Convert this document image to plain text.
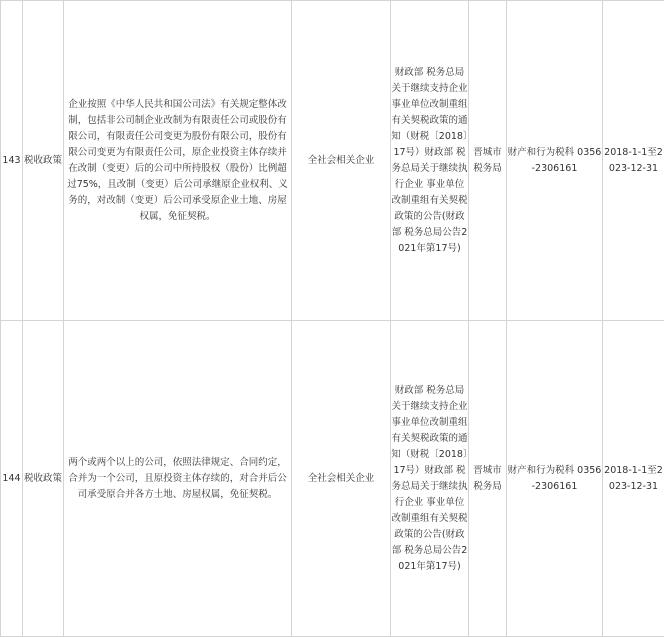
143	税收政策	企业按照《中华人民共和国公司法》有关规定整体改制，包括非公司制企业改制为有限责任公司或股份有限公司，有限责任公司变更为股份有限公司，股份有限公司变更为有限责任公司，原企业投资主体存续并在改制（变更）后的公司中所持股权（股份）比例超过75%，且改制（变更）后公司承继原企业权利、义务的，对改制（变更）后公司承受原企业土地、房屋权属，免征契税。	全社会相关企业	财政部 税务总局关于继续支持企业 事业单位改制重组有关契税政策的通知（财税〔2018〕17号）财政部 税务总局关于继续执行企业 事业单位改制重组有关契税政策的公告(财政部 税务总局公告2021年第17号)	晋城市税务局	财产和行为税科 0356-2306161	2018-1-1至2023-12-31
144	税收政策	两个或两个以上的公司，依照法律规定、合同约定，合并为一个公司，且原投资主体存续的，对合并后公司承受原合并各方土地、房屋权属，免征契税。	全社会相关企业	财政部 税务总局关于继续支持企业 事业单位改制重组有关契税政策的通知（财税〔2018〕17号）财政部 税务总局关于继续执行企业 事业单位改制重组有关契税政策的公告(财政部 税务总局公告2021年第17号)	晋城市税务局	财产和行为税科 0356-2306161	2018-1-1至2023-12-31
